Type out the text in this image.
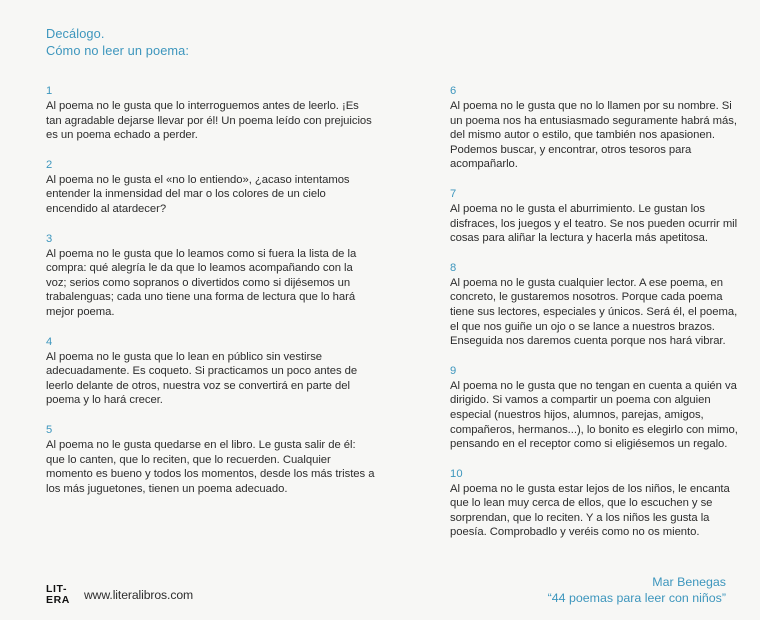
Decálogo.
Cómo no leer un poema:
1
Al poema no le gusta que lo interroguemos antes de leerlo. ¡Es tan agradable dejarse llevar por él! Un poema leído con prejuicios es un poema echado a perder.
2
Al poema no le gusta el «no lo entiendo», ¿acaso intentamos entender la inmensidad del mar o los colores de un cielo encendido al atardecer?
3
Al poema no le gusta que lo leamos como si fuera la lista de la compra: qué alegría le da que lo leamos acompañando con la voz; serios como sopranos o divertidos como si dijésemos un trabalenguas; cada uno tiene una forma de lectura que lo hará mejor poema.
4
Al poema no le gusta que lo lean en público sin vestirse adecuadamente. Es coqueto. Si practicamos un poco antes de leerlo delante de otros, nuestra voz se convertirá en parte del poema y lo hará crecer.
5
Al poema no le gusta quedarse en el libro. Le gusta salir de él: que lo canten, que lo reciten, que lo recuerden. Cualquier momento es bueno y todos los momentos, desde los más tristes a los más juguetones, tienen un poema adecuado.
6
Al poema no le gusta que no lo llamen por su nombre. Si un poema nos ha entusiasmado seguramente habrá más, del mismo autor o estilo, que también nos apasionen. Podemos buscar, y encontrar, otros tesoros para acompañarlo.
7
Al poema no le gusta el aburrimiento. Le gustan los disfraces, los juegos y el teatro. Se nos pueden ocurrir mil cosas para aliñar la lectura y hacerla más apetitosa.
8
Al poema no le gusta cualquier lector. A ese poema, en concreto, le gustaremos nosotros. Porque cada poema tiene sus lectores, especiales y únicos. Será él, el poema, el que nos guiñe un ojo o se lance a nuestros brazos. Enseguida nos daremos cuenta porque nos hará vibrar.
9
Al poema no le gusta que no tengan en cuenta a quién va dirigido. Si vamos a compartir un poema con alguien especial (nuestros hijos, alumnos, parejas, amigos, compañeros, hermanos...), lo bonito es elegirlo con mimo, pensando en el receptor como si eligiésemos un regalo.
10
Al poema no le gusta estar lejos de los niños, le encanta que lo lean muy cerca de ellos, que lo escuchen y se sorprendan, que lo reciten. Y a los niños les gusta la poesía. Comprobadlo y veréis como no os miento.
LIT-
ERA www.literalibros.com
Mar Benegas
“44 poemas para leer con niños”
